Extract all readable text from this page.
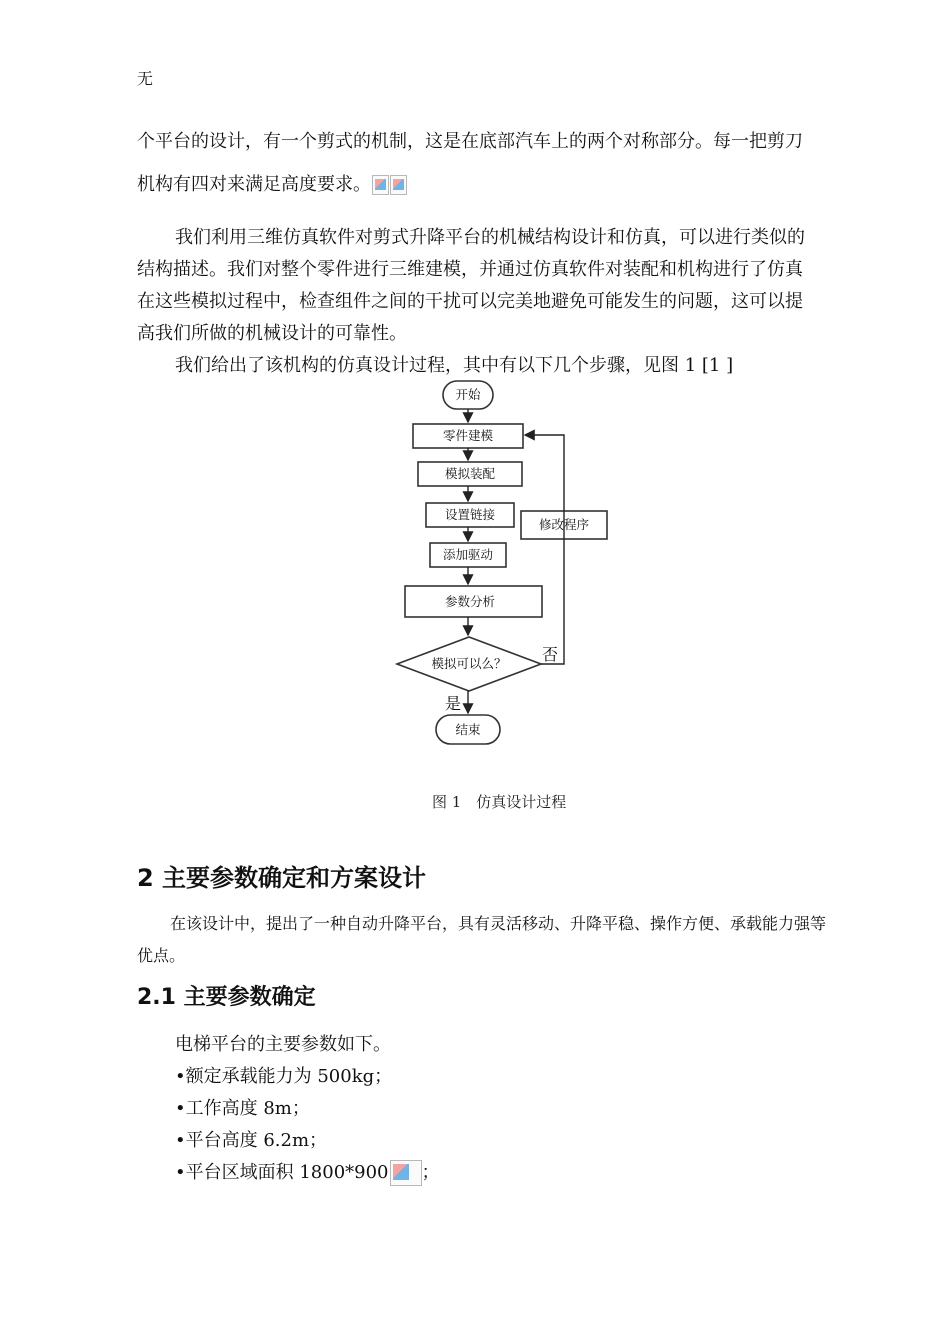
无
个平台的设计，有一个剪式的机制，这是在底部汽车上的两个对称部分。每一把剪刀
机构有四对来满足高度要求。
我们利用三维仿真软件对剪式升降平台的机械结构设计和仿真，可以进行类似的
结构描述。我们对整个零件进行三维建模，并通过仿真软件对装配和机构进行了仿真
在这些模拟过程中，检查组件之间的干扰可以完美地避免可能发生的问题，这可以提
高我们所做的机械设计的可靠性。
我们给出了该机构的仿真设计过程，其中有以下几个步骤，见图 1 [1 ]
开始
零件建模
模拟装配
设置链接
添加驱动
参数分析
模拟可以么？
修改程序
结束
否
是
图 1　仿真设计过程
2 主要参数确定和方案设计
在该设计中，提出了一种自动升降平台，具有灵活移动、升降平稳、操作方便、承载能力强等
优点。
2.1 主要参数确定
电梯平台的主要参数如下。
•额定承载能力为 500kg；
•工作高度 8m；
•平台高度 6.2m；
•平台区域面积 1800*900 ；
